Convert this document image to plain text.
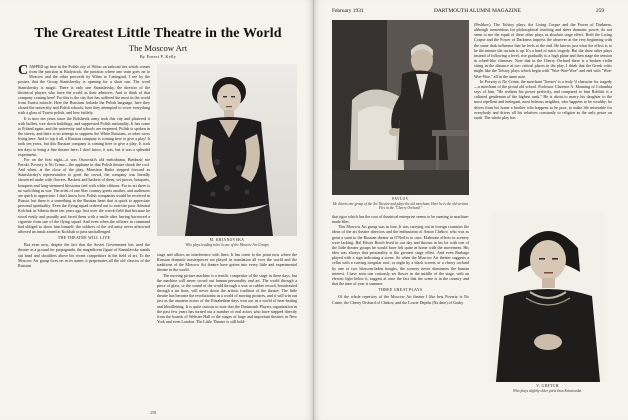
The Greatest Little Theatre in the World
The Moscow Art
By Ernest P. Kelly

CAMPED up here in the Polish city of Wilno on railroad ties which comes from the junction at Bialystock, the junction where one train goes on to Moscow and the other proceeds by Wilno to Leningrad, I see by the posters that the Group Stanislavsky is opening for a short run. The word Stanislavsky is magic. There is only one Stanislavsky, the director of the theatrical players who have the world as their admirers. And to think of that company coming here! For this is the city that has suffered the most in the world from Tsarist miracle. Here the Russians forbade the Polish language, here they closed the university and Polish schools, here they attempted to cover everything with a glass of Tsarist polish, and how futilely.

It is now ten years since the Bolshevik army took this city and plastered it with bullets, tore down buildings, and suppressed Polish nationality. It has come to Poland again, and the university and schools are reopened, Polish is spoken in the streets, and there is no attempt to suppress the White Russians, or other races living here. And to top it all, a Russian company is coming here to give a play! It took ten years, but this Russian company is coming here to give a play; It took ten days to bring a fine theatre here; I don't know, it was, but it was a splendid experiment.

For on the first night—it was Ostrovski's old melodrama, Biedność nie Poroki, Poverty is No Crime—the applause in that Polish theatre shook the roof. And when, at the close of the play, Monsieur Ruthe stepped forward as Stanislavsky's representative to greet the crowd, the company was literally showered under with flowers. Baskets and baskets of them, set pieces, bouquets, bouquets and long-stemmed blossoms tied with white ribbons. For in art there is no such thing as war. The artist of one Slav country greets another, and audiences are quick to appreciate. I don't know how Polish companies would be received in Russia, but there is a something in the Russian heart that is quick to appreciate personal spirituality. Even the flying squad ordered out to exercise poor Admiral Kolchak in Siberia three ten years ago first over the wreck-field that because he stood easily and proudly and faced them with a smile after having borrowed a cigarette from one of the flying squad. And even when the officers in command had obliged to shoot him himself, the soldiers of the red army never afterward allowed an insult aimed at Kolchak to pass unchallenged.

THE THEATRE WILL LIVE

But even now, despite the fact that the Soviet Government has used the theatre as a ground for propaganda, the magnificent figure of Stanislavsky stands out head and shoulders above his recent competitors in the field of art. To the Moscow Art group lives on in its name; it perpetuates all the old classics of the Russian

M. KRIANOVSKA
Who plays leading roles in one of the Moscow Art Groups

stage and allows no interference with lines. It has come to the point now where the Russian dramatic masterpieces are played in translation all over the world and the traditions of the Moscow Art theatre have gotten into every little and experimental theatre in the world.

The moving picture machine is a terrific competitor of the stage in these days, but the machine will never crowd out human personality and art. The world through a piece of glass, or the sound of the world through a wax or rubber record, broadcasted through a tin horn, will never down the artistic tradition of the theatre. The little theatre has become the revolutionist in a world of moving pictures, and it will win out just as the amateur actors of the Elizabethan days won out in a world of bear-baiting and bloodletting. It is quite curious to note that the Dartmouth Players organization in the past few years has turned out a number of real actors who have stepped directly from the boards of Webster Hall to the stages of large and important theatres in New York and even London. The Little Theatre is still hold-

258
February 1931	DARTMOUTH ALUMNI MAGAZINE	259
PAVLOV
He directs one group of the Art Theatre and plays the old merchant. Here he is the old servant Firs in the "Cherry Orchard."

(Peshkov). The Tolstoy plays, the Living Corpse and the Power of Darkness, although tremendous for philosophical teaching and sheer dramatic power, do not seem to me the equal of these other plays as absolute stage effect. Both the Living Corpse and the Power of Darkness impress the observer at the very beginning with the same dark influence that he feels at the end. He knows just what the effect is to be the minute the curtain is up. It's a kind of static tragedy. But the three other plays instead of following a level, rise gradually to a high plane and then stage the tension in wheel-like climaxes. Note that in the Cherry Orchard there is a broken violin string in the distance at two critical places in the play. I think that the Greek critic might like the Tolstoy plays which begin with "Woe-Woe-Woe" and end with "Woe-Woe-Woe," all in the same note.

In Poverty is No Crime, the merchant 'Tortsov' is a truly 'd character for tragedy—a merchant of the proud old school. Professor Clarence A. Manning of Columbia says of him, "He realizes his power perfectly, and compared to him Rubliitt is a cultured gentleman of the highest rank." He is about to marry his daughter to the most repellent and inelegant, most hideous neighbor, who happens to be wealthy; he drives from his home a brother who happens to be poor, to make life miserable for everybody and drives all his relatives constantly to religion as the only peace on earth. The whole play has

that rigor which has the root of theatrical enterprise seems to be running to machine-made film.

This Moscow Art group was in four. It was carrying out in foreign countries the ideas of the art theatre directors and the enthusiasm of Anton Chekov, who was as great a saint to the Russian theater as O'Neil is to ours. Elaborate effects in scenery were lacking. Hal Edwin Booth lived in our day and thrown in his lot with one of the little theater groups he would have felt quite at home with the movement. His idea was always that personality is the greatest stage effect. And even Burbage played with a sign indicating a scene. So when the Moscow Art theater suggests a cellar with a curving irregular roof, or night by a black screen, or a cherry orchard by one or two blossom-laden boughs, the scenery never dominates the human interest. I have seen one curiously set flower in the middle of the stage, with an electric light below it, suggest at once the fact that the scene is in the country and that the time of year is summer.

THREE GREAT PLAYS

Of the whole repertory of the Moscow Art theater I like best Poverty is No Crime, the Cherry Orchard of Chekov, and the Lower Depths (Na dnie) of Gorky

V. GRETCH
Who plays slightly older parts than Krianovska.
